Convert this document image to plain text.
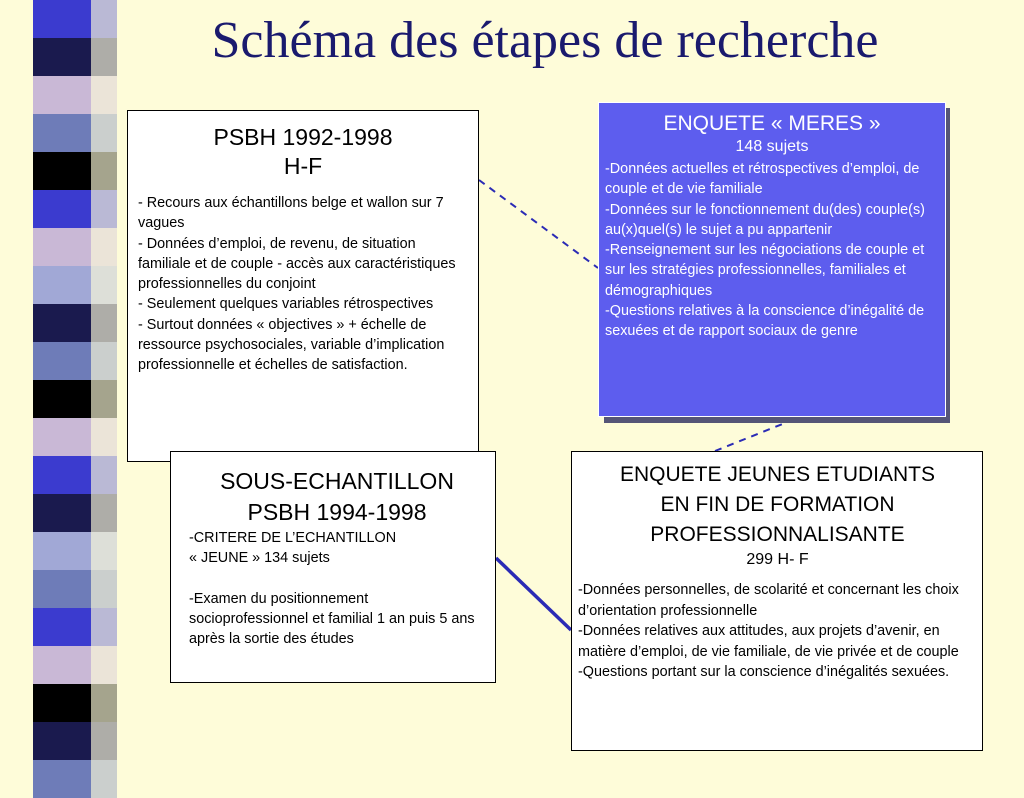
Schéma des étapes de recherche
PSBH 1992-1998
H-F
- Recours aux échantillons belge et wallon sur 7 vagues
- Données d’emploi, de revenu, de situation familiale et de couple - accès aux caractéristiques professionnelles du conjoint
- Seulement quelques variables rétrospectives
- Surtout données « objectives » + échelle de ressource psychosociales, variable d’implication professionnelle et échelles de satisfaction.
ENQUETE « MERES »
148 sujets
-Données actuelles et rétrospectives d’emploi, de couple et de vie familiale
-Données sur le fonctionnement du(des) couple(s) au(x)quel(s) le sujet a pu appartenir
-Renseignement sur les négociations de couple et sur les stratégies professionnelles, familiales et démographiques
-Questions relatives à la conscience d’inégalité de sexuées et de rapport sociaux de genre
SOUS-ECHANTILLON
PSBH 1994-1998
-CRITERE DE L’ECHANTILLON
« JEUNE » 134 sujets
-Examen du positionnement socioprofessionnel et familial 1 an puis 5 ans après la sortie des études
ENQUETE JEUNES ETUDIANTS
EN FIN DE FORMATION
PROFESSIONNALISANTE
299 H- F
-Données personnelles, de scolarité et concernant les choix d’orientation professionnelle
-Données relatives aux attitudes, aux projets d’avenir, en matière d’emploi, de vie familiale, de vie privée et de couple
-Questions portant sur la conscience d’inégalités sexuées.
